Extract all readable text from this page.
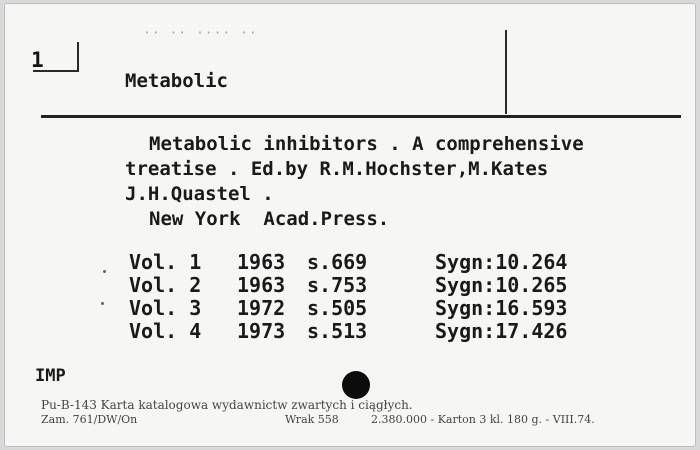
1
·· ·· ···· ··
Metabolic
Metabolic inhibitors . A comprehensive
treatise . Ed.by R.M.Hochster,M.Kates
J.H.Quastel .
New York  Acad.Press.
Vol. 1 1963 s.669	Sygn:10.264
Vol. 2 1963 s.753	Sygn:10.265
Vol. 3 1972 s.505	Sygn:16.593
Vol. 4 1973 s.513	Sygn:17.426
IMP
Pu-B-143 Karta katalogowa wydawnictw zwartych i ciągłych.
Zam. 761/DW/On	Wrak 558	2.380.000 - Karton 3 kl. 180 g. - VIII.74.
